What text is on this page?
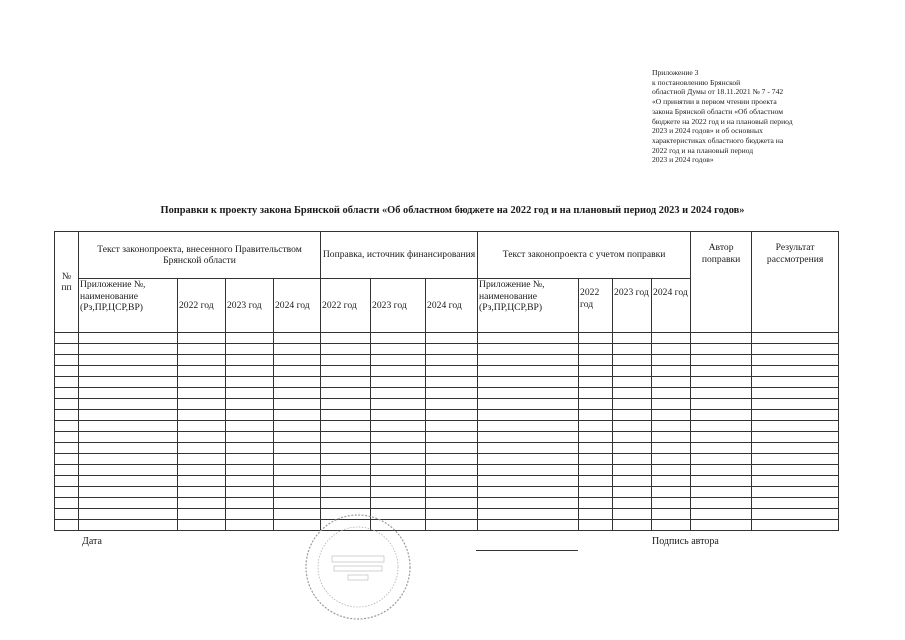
Приложение 3
к постановлению Брянской
областной Думы от 18.11.2021 № 7 - 742
«О принятии в первом чтении проекта
закона Брянской области «Об областном
бюджете на 2022 год и на плановый период
2023 и 2024 годов» и об основных
характеристиках областного бюджета на
2022 год и на плановый период
2023 и 2024 годов»
Поправки к проекту закона Брянской области «Об областном бюджете на 2022 год и на плановый период 2023 и 2024 годов»
№ пп	Текст законопроекта, внесенного Правительством Брянской области				Поправка, источник финансирования			Текст законопроекта с учетом поправки				Автор поправки	Результат рассмотрения
	Приложение №, наименование (Рз,ПР,ЦСР,ВР)	2022 год	2023 год	2024 год	2022 год	2023 год	2024 год	Приложение №, наименование (Рз,ПР,ЦСР,ВР)	2022 год	2023 год	2024 год		

Дата	Подпись автора
